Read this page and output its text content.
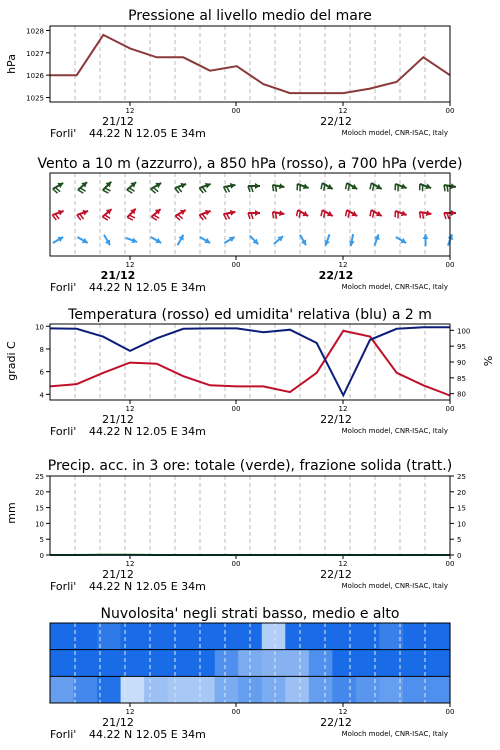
Pressione al livello medio del mare
Vento a 10 m (azzurro), a 850 hPa (rosso), a 700 hPa (verde)
Temperatura (rosso) ed umidita' relativa (blu) a 2 m
Precip. acc. in 3 ore: totale (verde), frazione solida (tratt.)
Nuvolosita' negli strati basso, medio e alto
hPa
gradi C	%
mm
12	00	12	00
21/12	22/12
Forli' 44.22 N 12.05 E 34m	Moloch model, CNR-ISAC, Italy
12	00	12	00
21/12	22/12
Forli' 44.22 N 12.05 E 34m	Moloch model, CNR-ISAC, Italy
12	00	12	00
21/12	22/12
Forli' 44.22 N 12.05 E 34m	Moloch model, CNR-ISAC, Italy
12	00	12	00
21/12	22/12
Forli' 44.22 N 12.05 E 34m	Moloch model, CNR-ISAC, Italy
12	00	12	00
21/12	22/12
Forli' 44.22 N 12.05 E 34m	Moloch model, CNR-ISAC, Italy
1025
1026
1027
1028
4
6
8
10
80
85
90
95
100
0	0
5	5
10	10
15	15
20	20
25	25
